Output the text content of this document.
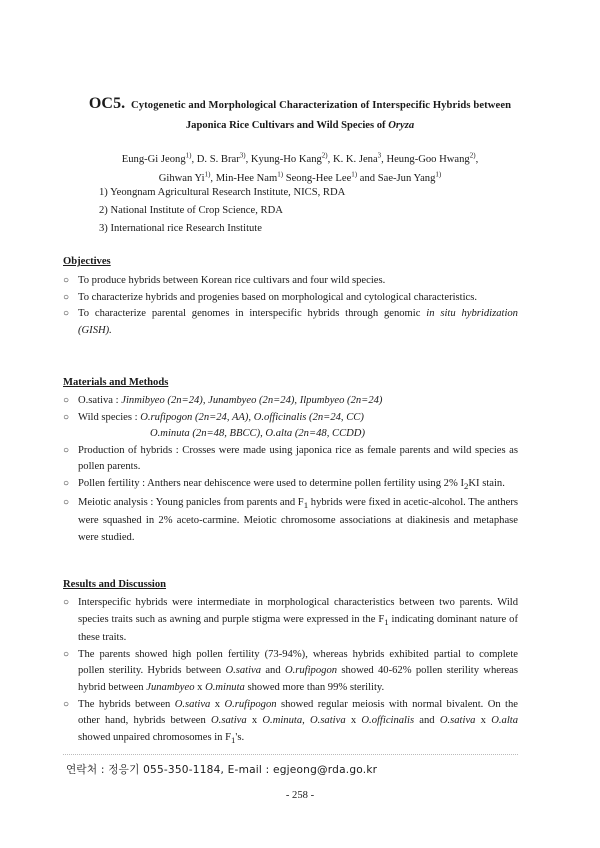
OC5. Cytogenetic and Morphological Characterization of Interspecific Hybrids between
Japonica Rice Cultivars and Wild Species of Oryza
Eung-Gi Jeong$^{1)}$, D. S. Brar$^{3)}$, Kyung-Ho Kang$^{2)}$, K. K. Jena$^3$, Heung-Goo Hwang$^{2)}$,
Gihwan Yi$^{1)}$, Min-Hee Nam$^{1)}$ Seong-Hee Lee$^{1)}$ and Sae-Jun Yang$^{1)}$
1) Yeongnam Agricultural Research Institute, NICS, RDA
2) National Institute of Crop Science, RDA
3) International rice Research Institute
Objectives
○ To produce hybrids between Korean rice cultivars and four wild species.

○ To characterize hybrids and progenies based on morphological and cytological characteristics.

○ To characterize parental genomes in interspecific hybrids through genomic in situ hybridization (GISH).

Materials and Methods
○ O.sativa : Jinmibyeo (2n=24), Junambyeo (2n=24), Ilpumbyeo (2n=24)

○ Wild species : O.rufipogon (2n=24, AA), O.officinalis (2n=24, CC)

O.minuta (2n=48, BBCC), O.alta (2n=48, CCDD)

○ Production of hybrids : Crosses were made using japonica rice as female parents and wild species as pollen parents.

○ Pollen fertility : Anthers near dehiscence were used to determine pollen fertility using 2% $I_2KI$ stain.

○ Meiotic analysis : Young panicles from parents and $F_1$ hybrids were fixed in acetic-alcohol. The anthers were squashed in 2% aceto-carmine. Meiotic chromosome associations at diakinesis and metaphase were studied.

Results and Discussion
○ Interspecific hybrids were intermediate in morphological characteristics between two parents. Wild species traits such as awning and purple stigma were expressed in the $F_1$ indicating dominant nature of these traits.

○ The parents showed high pollen fertility (73-94%), whereas hybrids exhibited partial to complete pollen sterility. Hybrids between O.sativa and O.rufipogon showed 40-62% pollen sterility whereas hybrid between Junambyeo x O.minuta showed more than 99% sterility.

○ The hybrids between O.sativa x O.rufipogon showed regular meiosis with normal bivalent. On the other hand, hybrids between O.sativa x O.minuta, O.sativa x O.officinalis and O.sativa x O.alta showed unpaired chromosomes in $F_1's$.

연락처 : 정응기 055-350-1184, E-mail : egjeong@rda.go.kr
- 258 -
